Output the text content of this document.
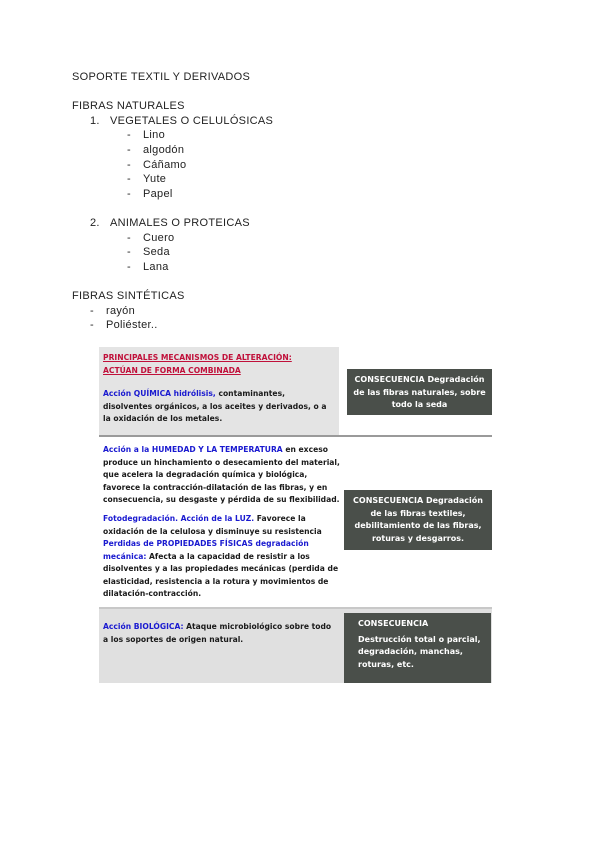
SOPORTE TEXTIL Y DERIVADOS
FIBRAS NATURALES
1. VEGETALES O CELULÓSICAS
- Lino
- algodón
- Cáñamo
- Yute
- Papel
2. ANIMALES O PROTEICAS
- Cuero
- Seda
- Lana
FIBRAS SINTÉTICAS
- rayón
- Poliéster..
PRINCIPALES MECANISMOS DE ALTERACIÓN: ACTÚAN DE FORMA COMBINADA
Acción QUÍMICA hidrólisis, contaminantes, disolventes orgánicos, a los aceites y derivados, o a la oxidación de los metales.
CONSECUENCIA Degradación de las fibras naturales, sobre todo la seda
Acción a la HUMEDAD Y LA TEMPERATURA en exceso produce un hinchamiento o desecamiento del material, que acelera la degradación química y biológica, favorece la contracción-dilatación de las fibras, y en consecuencia, su desgaste y pérdida de su flexibilidad.
Fotodegradación. Acción de la LUZ. Favorece la oxidación de la celulosa y disminuye su resistencia
Perdidas de PROPIEDADES FÍSICAS degradación mecánica: Afecta a la capacidad de resistir a los disolventes y a las propiedades mecánicas (perdida de elasticidad, resistencia a la rotura y movimientos de dilatación-contracción.
CONSECUENCIA Degradación de las fibras textiles, debilitamiento de las fibras, roturas y desgarros.
Acción BIOLÓGICA: Ataque microbiológico sobre todo a los soportes de origen natural.
CONSECUENCIA
Destrucción total o parcial, degradación, manchas, roturas, etc.
